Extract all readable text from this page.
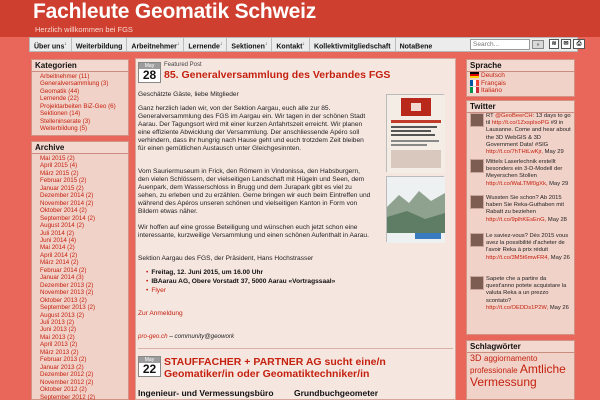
Fachleute Geomatik Schweiz
Herzlich willkommen bei FGS
Über uns↓	Weiterbildung	Arbeitnehmer↓	Lernende↓	Sektionen↓	Kontakt↓	Kollektivmitgliedschaft	NotaBene
Search...	»	≋	✉	⎙
Kategorien
Arbeitnehmer (11)
Generalversammlung (3)
Geomatik (44)
Lernende (22)
Projektarbeiten BiZ-Geo (6)
Sektionen (14)
Stelleninserate (3)
Weiterbildung (5)
Archive
Mai 2015 (2)
April 2015 (4)
März 2015 (2)
Februar 2015 (2)
Januar 2015 (2)
Dezember 2014 (2)
November 2014 (2)
Oktober 2014 (2)
September 2014 (2)
August 2014 (2)
Juli 2014 (2)
Juni 2014 (4)
Mai 2014 (2)
April 2014 (2)
März 2014 (2)
Februar 2014 (2)
Januar 2014 (3)
Dezember 2013 (2)
November 2013 (2)
Oktober 2013 (2)
September 2013 (2)
August 2013 (2)
Juli 2013 (2)
Juni 2013 (2)
Mai 2013 (2)
April 2013 (2)
März 2013 (2)
Februar 2013 (2)
Januar 2013 (2)
Dezember 2012 (2)
November 2012 (2)
Oktober 2012 (2)
September 2012 (2)
May
28
Featured Post
85. Generalversammlung des Verbandes FGS
Geschätzte Gäste, liebe Mitglieder
Ganz herzlich laden wir, von der Sektion Aargau, euch alle zur 85. Generalversammlung des FGS im Aargau ein. Wir tagen in der schönen Stadt Aarau. Der Tagungsort wird mit einer kurzen Anfahrtszeit erreicht. Wir planen eine effiziente Abwicklung der Versammlung. Der anschliessende Apéro soll verhindern, dass ihr hungrig nach Hause geht und euch trotzdem Zeit bleiben für einen gemütlichen Austausch unter Gleichgesinnten.
Vom Sauriermuseum in Frick, den Römern in Vindonissa, den Habsburgern, den vielen Schlössern, der vielseitigen Landschaft mit Hügeln und Seen, dem Auenpark, dem Wasserschloss in Brugg und dem Jurapark gibt es viel zu sehen, zu erleben und zu erzählen. Gerne bringen wir euch beim Eintreffen und während des Apéros unseren schönen und vielseitigen Kanton in Form von Bildern etwas näher.
Wir hoffen auf eine grosse Beteiligung und wünschen euch jetzt schon eine interessante, kurzweilige Versammlung und einen schönen Aufenthalt in Aarau.
Sektion Aargau des FGS, der Präsident, Hans Hochstrasser
• Freitag, 12. Juni 2015, um 16.00 Uhr
• IBAarau AG, Obere Vorstadt 37, 5000 Aarau «Vortragssaal»
• Flyer
Zur Anmeldung
pro-geo.ch – community@geowork
May
22 STAUFFACHER + PARTNER AG sucht eine/n
Geomatiker/in oder Geomatiktechniker/in
Ingenieur- und Vermessungsbüro Grundbuchgeometer
Sprache
Deutsch
Français
Italiano
Twitter
RT @GeoBeerCH: 13 days to go til http://t.co/1ZxspIsoPG #9 in Lausanne. Come and hear about the 3D WebGIS & 3D Government Data! #SIG http://t.co/7hTHtLwKjr, May 29
Mittels Laserlechnik erstellt besonders ein 3-D-Modell der Meyerschen Stollen http://t.co/WaLTMf0gXk, May 29
Wussten Sie schon? Ab 2015 haben Sie Reka-Guthaben mit Rabatt zu beziehen http://t.co/9plhKEsEnG, May 28
Le saviez-vous? Dès 2015 vous avez la possibilité d'acheter de l'avoir Reka à prix réduit http://t.co/3M5t6mwFR4, May 26
Sapete che a partire da quest'anno potete acquistare la valuta Reka a un prezzo scontato? http://t.co/OEDDs1P2W, May 26
Schlagwörter
3D aggiornamento professionale Amtliche Vermessung
